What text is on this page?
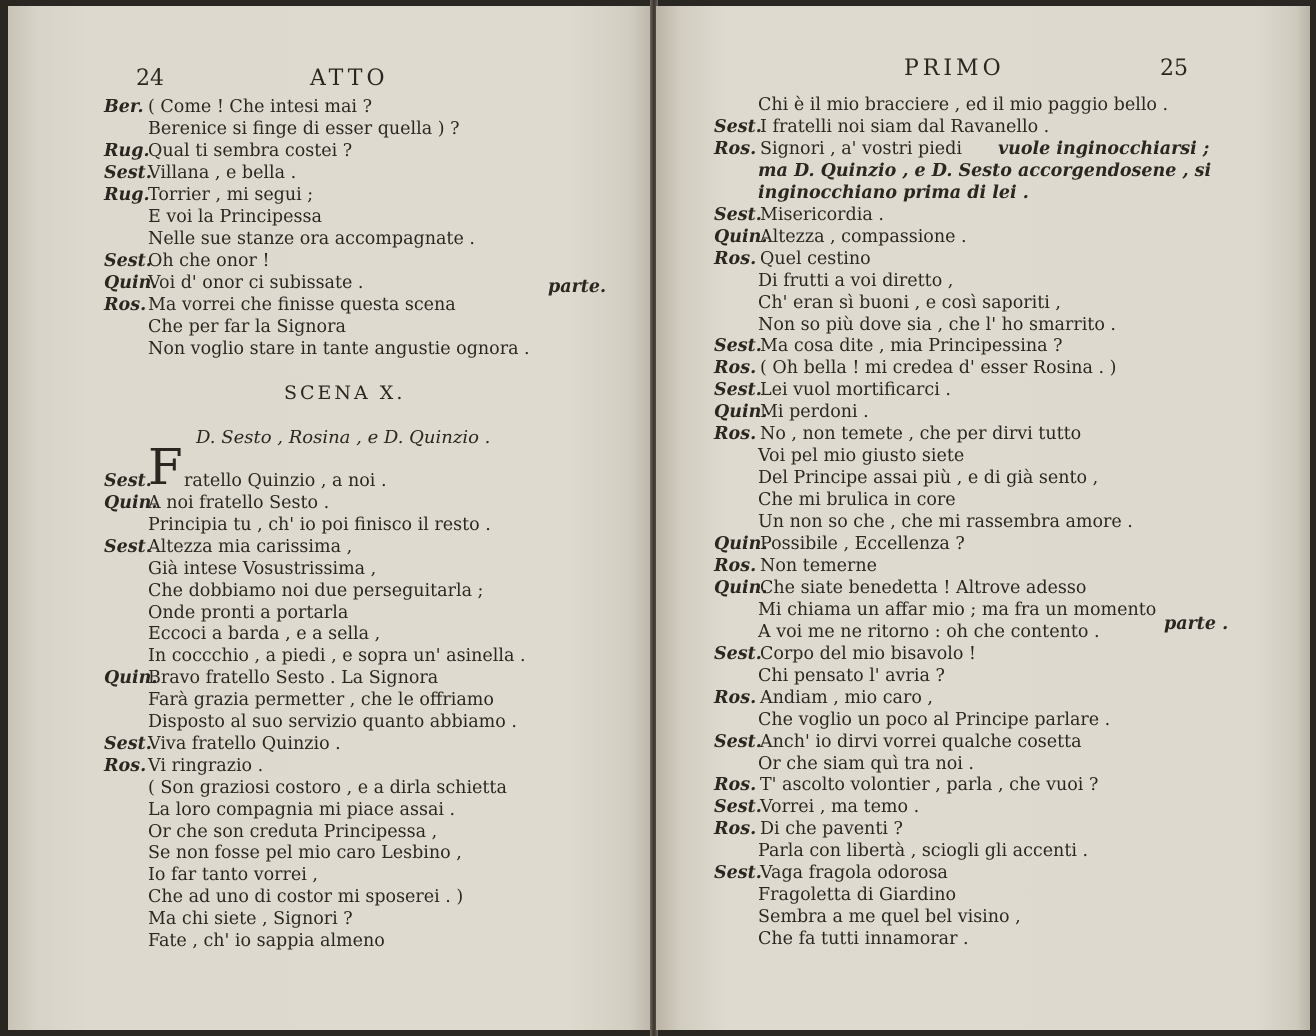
24	ATTO
parte.
SCENA X.
D. Sesto , Rosina , e D. Quinzio .
Sest.
F ratello Quinzio , a noi .
Ber. ( Come ! Che intesi mai ?
Berenice si finge di esser quella ) ?
Rug.Qual ti sembra costei ?
Sest.Villana , e bella .
Rug.Torrier , mi segui ;
E voi la Principessa
Nelle sue stanze ora accompagnate .
Sest.Oh che onor !
Quin.Voi d' onor ci subissate .
Ros. Ma vorrei che finisse questa scena
Che per far la Signora
Non voglio stare in tante angustie ognora .
Quin.A noi fratello Sesto .
Principia tu , ch' io poi finisco il resto .
Sest.Altezza mia carissima ,
Già intese Vosustrissima ,
Che dobbiamo noi due perseguitarla ;
Onde pronti a portarla
Eccoci a barda , e a sella ,
In coccchio , a piedi , e sopra un' asinella .
Quin.Bravo fratello Sesto . La Signora
Farà grazia permetter , che le offriamo
Disposto al suo servizio quanto abbiamo .
Sest.Viva fratello Quinzio .
Ros. Vi ringrazio .
( Son graziosi costoro , e a dirla schietta
La loro compagnia mi piace assai .
Or che son creduta Principessa ,
Se non fosse pel mio caro Lesbino ,
Io far tanto vorrei ,
Che ad uno di costor mi sposerei . )
Ma chi siete , Signori ?
Fate , ch' io sappia almeno
PRIMO	25
parte .
Chi è il mio bracciere , ed il mio paggio bello .
Sest.I fratelli noi siam dal Ravanello .
Ros. Signori , a' vostri piedi vuole inginocchiarsi ;
ma D. Quinzio , e D. Sesto accorgendosene , si
inginocchiano prima di lei .
Sest.Misericordia .
Quin.Altezza , compassione .
Ros. Quel cestino
Di frutti a voi diretto ,
Ch' eran sì buoni , e così saporiti ,
Non so più dove sia , che l' ho smarrito .
Sest.Ma cosa dite , mia Principessina ?
Ros. ( Oh bella ! mi credea d' esser Rosina . )
Sest.Lei vuol mortificarci .
Quin.Mi perdoni .
Ros. No , non temete , che per dirvi tutto
Voi pel mio giusto siete
Del Principe assai più , e di già sento ,
Che mi brulica in core
Un non so che , che mi rassembra amore .
Quin.Possibile , Eccellenza ?
Ros. Non temerne
Quin.Che siate benedetta ! Altrove adesso
Mi chiama un affar mio ; ma fra un momento
A voi me ne ritorno : oh che contento .
Sest.Corpo del mio bisavolo !
Chi pensato l' avria ?
Ros. Andiam , mio caro ,
Che voglio un poco al Principe parlare .
Sest.Anch' io dirvi vorrei qualche cosetta
Or che siam quì tra noi .
Ros. T' ascolto volontier , parla , che vuoi ?
Sest.Vorrei , ma temo .
Ros. Di che paventi ?
Parla con libertà , sciogli gli accenti .
Sest.Vaga fragola odorosa
Fragoletta di Giardino
Sembra a me quel bel visino ,
Che fa tutti innamorar .
